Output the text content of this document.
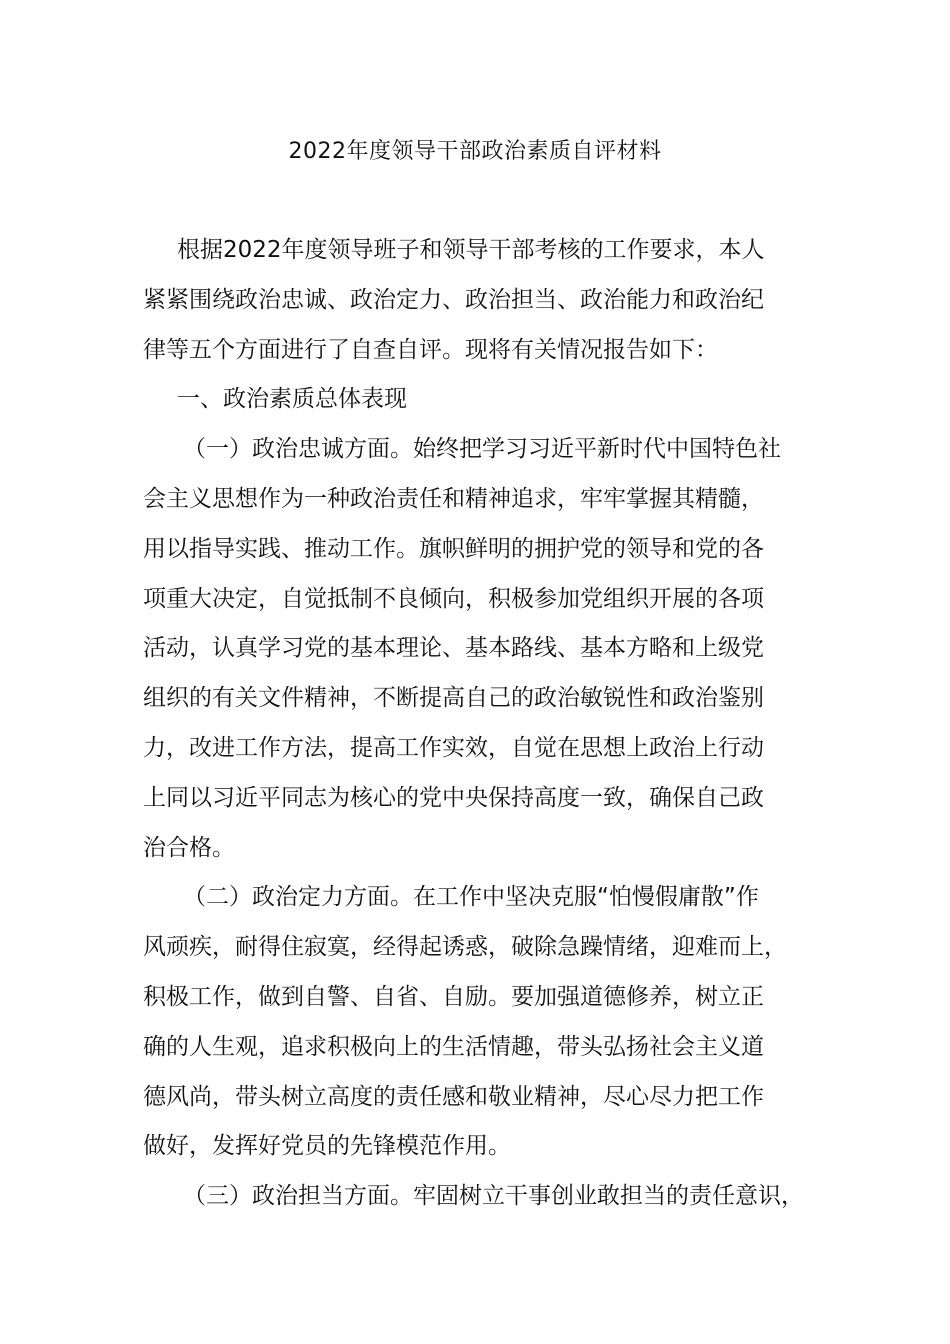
2022年度领导干部政治素质自评材料
根据2022年度领导班子和领导干部考核的工作要求，本人
紧紧围绕政治忠诚、政治定力、政治担当、政治能力和政治纪
律等五个方面进行了自查自评。现将有关情况报告如下：
一、政治素质总体表现
（一）政治忠诚方面。始终把学习习近平新时代中国特色社
会主义思想作为一种政治责任和精神追求，牢牢掌握其精髓，
用以指导实践、推动工作。旗帜鲜明的拥护党的领导和党的各
项重大决定，自觉抵制不良倾向，积极参加党组织开展的各项
活动，认真学习党的基本理论、基本路线、基本方略和上级党
组织的有关文件精神，不断提高自己的政治敏锐性和政治鉴别
力，改进工作方法，提高工作实效，自觉在思想上政治上行动
上同以习近平同志为核心的党中央保持高度一致，确保自己政
治合格。
（二）政治定力方面。在工作中坚决克服“怕慢假庸散”作
风顽疾，耐得住寂寞，经得起诱惑，破除急躁情绪，迎难而上，
积极工作，做到自警、自省、自励。要加强道德修养，树立正
确的人生观，追求积极向上的生活情趣，带头弘扬社会主义道
德风尚，带头树立高度的责任感和敬业精神，尽心尽力把工作
做好，发挥好党员的先锋模范作用。
（三）政治担当方面。牢固树立干事创业敢担当的责任意识，
